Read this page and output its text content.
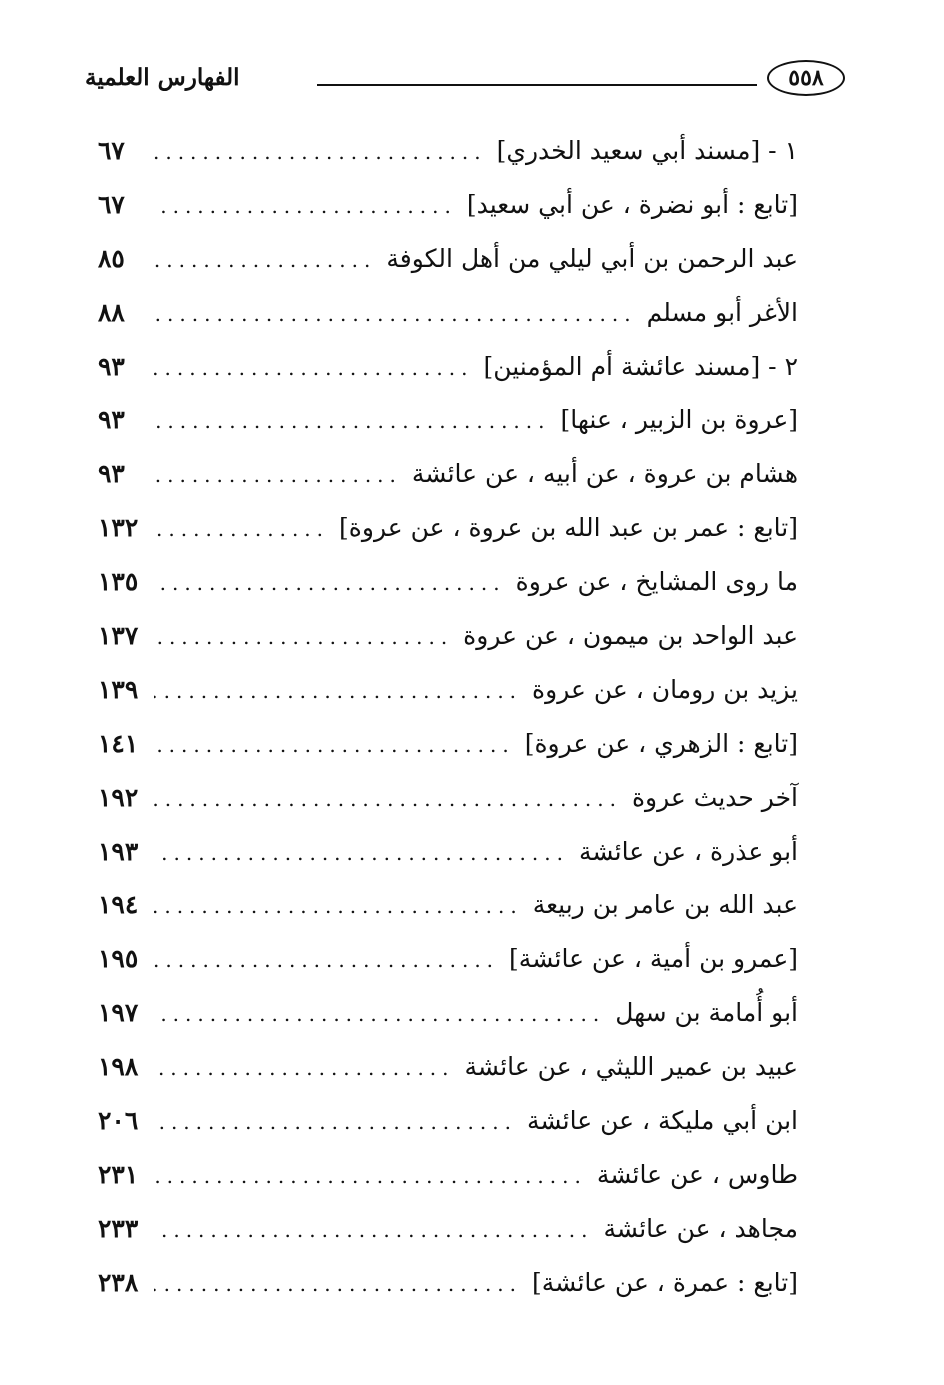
٥٥٨
الفهارس العلمية
١ - [مسند أبي سعيد الخدري]
.....
٦٧
[تابع : أبو نضرة ، عن أبي سعيد]
.....
٦٧
عبد الرحمن بن أبي ليلي من أهل الكوفة
.....
٨٥
الأغر أبو مسلم
.....
٨٨
٢ - [مسند عائشة أم المؤمنين]
.....
٩٣
[عروة بن الزبير ، عنها]
.....
٩٣
هشام بن عروة ، عن أبيه ، عن عائشة
.....
٩٣
[تابع : عمر بن عبد الله بن عروة ، عن عروة]
.....
١٣٢
ما روى المشايخ ، عن عروة
.....
١٣٥
عبد الواحد بن ميمون ، عن عروة
.....
١٣٧
يزيد بن رومان ، عن عروة
.....
١٣٩
[تابع : الزهري ، عن عروة]
.....
١٤١
آخر حديث عروة
.....
١٩٢
أبو عذرة ، عن عائشة
.....
١٩٣
عبد الله بن عامر بن ربيعة
.....
١٩٤
[عمرو بن أمية ، عن عائشة]
.....
١٩٥
أبو أُمامة بن سهل
.....
١٩٧
عبيد بن عمير الليثي ، عن عائشة
.....
١٩٨
ابن أبي مليكة ، عن عائشة
.....
٢٠٦
طاوس ، عن عائشة
.....
٢٣١
مجاهد ، عن عائشة
.....
٢٣٣
[تابع : عمرة ، عن عائشة]
.....
٢٣٨
